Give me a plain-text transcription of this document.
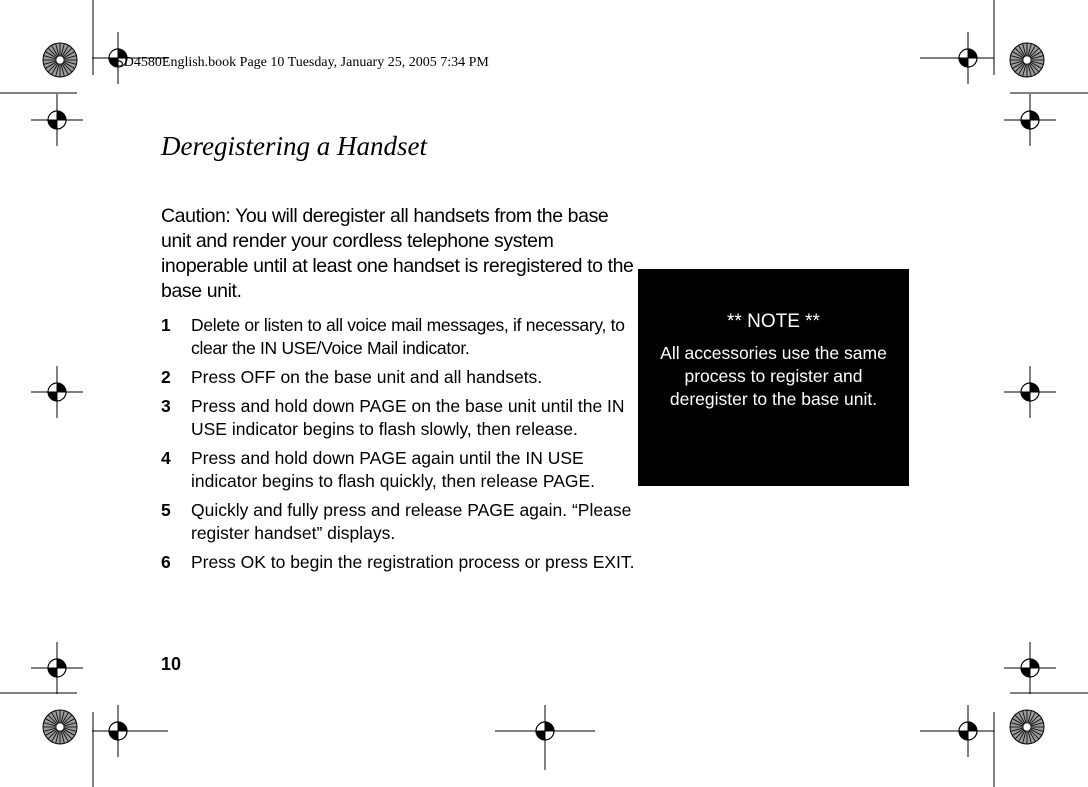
SD4580English.book Page 10 Tuesday, January 25, 2005 7:34 PM
Deregistering a Handset
Caution: You will deregister all handsets from the base unit and render your cordless telephone system inoperable until at least one handset is reregistered to the base unit.
1 Delete or listen to all voice mail messages, if necessary, to clear the IN USE/Voice Mail indicator.
2 Press OFF on the base unit and all handsets.
3 Press and hold down PAGE on the base unit until the IN USE indicator begins to flash slowly, then release.
4 Press and hold down PAGE again until the IN USE indicator begins to flash quickly, then release PAGE.
5 Quickly and fully press and release PAGE again. “Please register handset” displays.
6 Press OK to begin the registration process or press EXIT.
** NOTE **
All accessories use the same process to register and deregister to the base unit.
10
